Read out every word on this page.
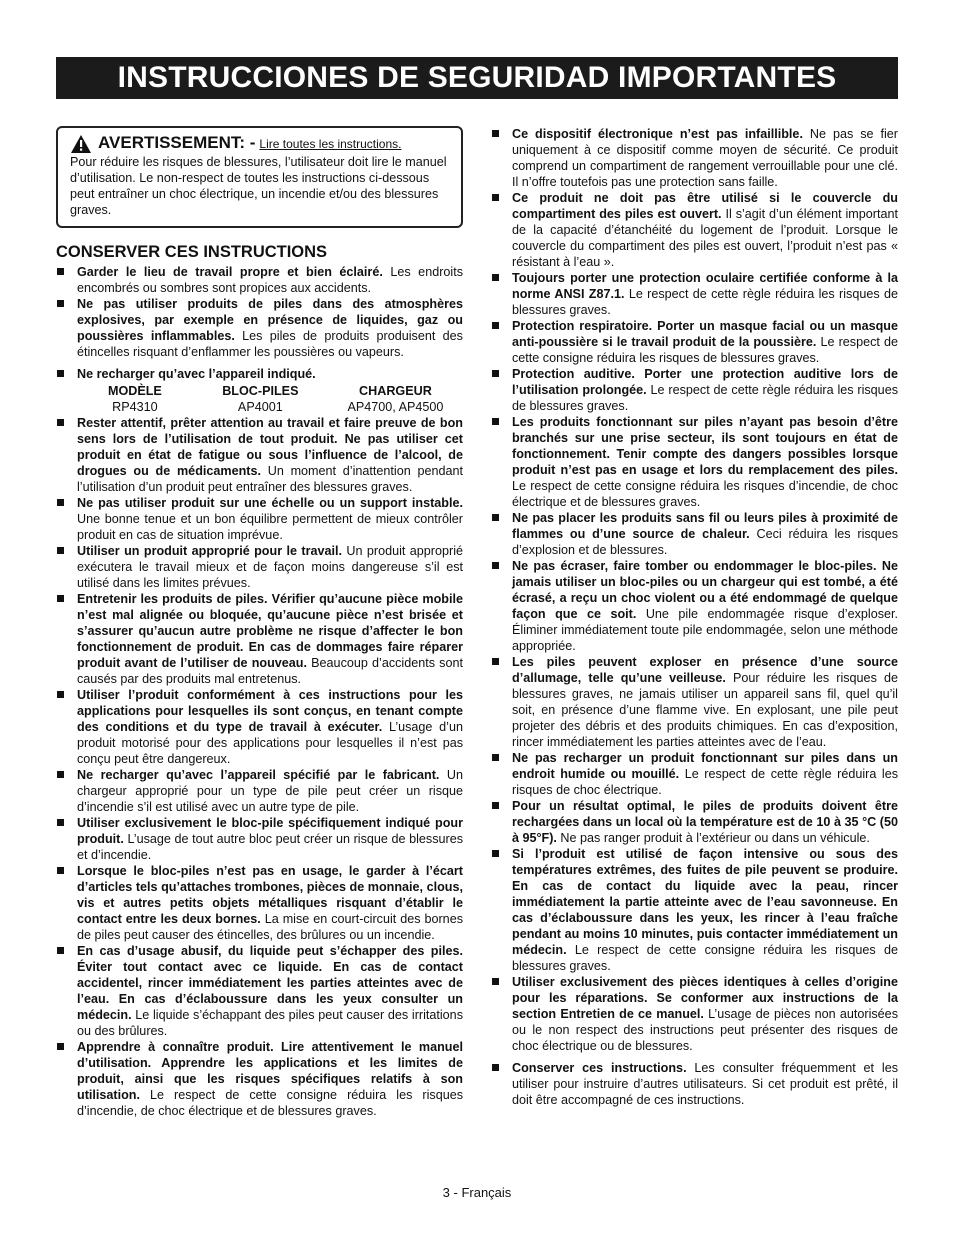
INSTRUCCIONES DE SEGURIDAD IMPORTANTES
AVERTISSEMENT: - Lire toutes les instructions.
Pour réduire les risques de blessures, l’utilisateur doit lire le manuel d’utilisation. Le non-respect de toutes les instructions ci-dessous peut entraîner un choc électrique, un incendie et/ou des blessures graves.
CONSERVER CES INSTRUCTIONS
Garder le lieu de travail propre et bien éclairé. Les endroits encombrés ou sombres sont propices aux accidents.
Ne pas utiliser produits de piles dans des atmosphères explosives, par exemple en présence de liquides, gaz ou poussières inflammables. Les piles de produits produisent des étincelles risquant d’enflammer les poussières ou vapeurs.
Ne recharger qu’avec l’appareil indiqué.
MODÈLE	BLOC-PILES	CHARGEUR
RP4310	AP4001	AP4700, AP4500
Rester attentif, prêter attention au travail et faire preuve de bon sens lors de l’utilisation de tout produit. Ne pas utiliser cet produit en état de fatigue ou sous l’influence de l’alcool, de drogues ou de médicaments. Un moment d’inattention pendant l’utilisation d’un produit peut entraîner des blessures graves.
Ne pas utiliser produit sur une échelle ou un support instable. Une bonne tenue et un bon équilibre permettent de mieux contrôler produit en cas de situation imprévue.
Utiliser un produit approprié pour le travail. Un produit approprié exécutera le travail mieux et de façon moins dangereuse s’il est utilisé dans les limites prévues.
Entretenir les produits de piles. Vérifier qu’aucune pièce mobile n’est mal alignée ou bloquée, qu’aucune pièce n’est brisée et s’assurer qu’aucun autre problème ne risque d’affecter le bon fonctionnement de produit. En cas de dommages faire réparer produit avant de l’utiliser de nouveau. Beaucoup d’accidents sont causés par des produits mal entretenus.
Utiliser l’produit conformément à ces instructions pour les applications pour lesquelles ils sont conçus, en tenant compte des conditions et du type de travail à exécuter. L’usage d’un produit motorisé pour des applications pour lesquelles il n’est pas conçu peut être dangereux.
Ne recharger qu’avec l’appareil spécifié par le fabricant. Un chargeur approprié pour un type de pile peut créer un risque d’incendie s’il est utilisé avec un autre type de pile.
Utiliser exclusivement le bloc-pile spécifiquement indiqué pour produit. L’usage de tout autre bloc peut créer un risque de blessures et d’incendie.
Lorsque le bloc-piles n’est pas en usage, le garder à l’écart d’articles tels qu’attaches trombones, pièces de monnaie, clous, vis et autres petits objets métalliques risquant d’établir le contact entre les deux bornes. La mise en court-circuit des bornes de piles peut causer des étincelles, des brûlures ou un incendie.
En cas d’usage abusif, du liquide peut s’échapper des piles. Éviter tout contact avec ce liquide. En cas de contact accidentel, rincer immédiatement les parties atteintes avec de l’eau. En cas d’éclaboussure dans les yeux consulter un médecin. Le liquide s’échappant des piles peut causer des irritations ou des brûlures.
Apprendre à connaître produit. Lire attentivement le manuel d’utilisation. Apprendre les applications et les limites de produit, ainsi que les risques spécifiques relatifs à son utilisation. Le respect de cette consigne réduira les risques d’incendie, de choc électrique et de blessures graves.
Ce dispositif électronique n’est pas infaillible. Ne pas se fier uniquement à ce dispositif comme moyen de sécurité. Ce produit comprend un compartiment de rangement verrouillable pour une clé. Il n’offre toutefois pas une protection sans faille.
Ce produit ne doit pas être utilisé si le couvercle du compartiment des piles est ouvert. Il s’agit d’un élément important de la capacité d’étanchéité du logement de l’produit. Lorsque le couvercle du compartiment des piles est ouvert, l’produit n’est pas « résistant à l’eau ».
Toujours porter une protection oculaire certifiée conforme à la norme ANSI Z87.1. Le respect de cette règle réduira les risques de blessures graves.
Protection respiratoire. Porter un masque facial ou un masque anti-poussière si le travail produit de la poussière. Le respect de cette consigne réduira les risques de blessures graves.
Protection auditive. Porter une protection auditive lors de l’utilisation prolongée. Le respect de cette règle réduira les risques de blessures graves.
Les produits fonctionnant sur piles n’ayant pas besoin d’être branchés sur une prise secteur, ils sont toujours en état de fonctionnement. Tenir compte des dangers possibles lorsque produit n’est pas en usage et lors du remplacement des piles. Le respect de cette consigne réduira les risques d’incendie, de choc électrique et de blessures graves.
Ne pas placer les produits sans fil ou leurs piles à proximité de flammes ou d’une source de chaleur. Ceci réduira les risques d’explosion et de blessures.
Ne pas écraser, faire tomber ou endommager le bloc-piles. Ne jamais utiliser un bloc-piles ou un chargeur qui est tombé, a été écrasé, a reçu un choc violent ou a été endommagé de quelque façon que ce soit. Une pile endommagée risque d’exploser. Éliminer immédiatement toute pile endommagée, selon une méthode appropriée.
Les piles peuvent exploser en présence d’une source d’allumage, telle qu’une veilleuse. Pour réduire les risques de blessures graves, ne jamais utiliser un appareil sans fil, quel qu’il soit, en présence d’une flamme vive. En explosant, une pile peut projeter des débris et des produits chimiques. En cas d’exposition, rincer immédiatement les parties atteintes avec de l’eau.
Ne pas recharger un produit fonctionnant sur piles dans un endroit humide ou mouillé. Le respect de cette règle réduira les risques de choc électrique.
Pour un résultat optimal, le piles de produits doivent être rechargées dans un local où la température est de 10 à 35 °C (50 à 95°F). Ne pas ranger produit à l’extérieur ou dans un véhicule.
Si l’produit est utilisé de façon intensive ou sous des températures extrêmes, des fuites de pile peuvent se produire. En cas de contact du liquide avec la peau, rincer immédiatement la partie atteinte avec de l’eau savonneuse. En cas d’éclaboussure dans les yeux, les rincer à l’eau fraîche pendant au moins 10 minutes, puis contacter immédiatement un médecin. Le respect de cette consigne réduira les risques de blessures graves.
Utiliser exclusivement des pièces identiques à celles d’origine pour les réparations. Se conformer aux instructions de la section Entretien de ce manuel. L’usage de pièces non autorisées ou le non respect des instructions peut présenter des risques de choc électrique ou de blessures.
Conserver ces instructions. Les consulter fréquemment et les utiliser pour instruire d’autres utilisateurs. Si cet produit est prêté, il doit être accompagné de ces instructions.
3 - Français
